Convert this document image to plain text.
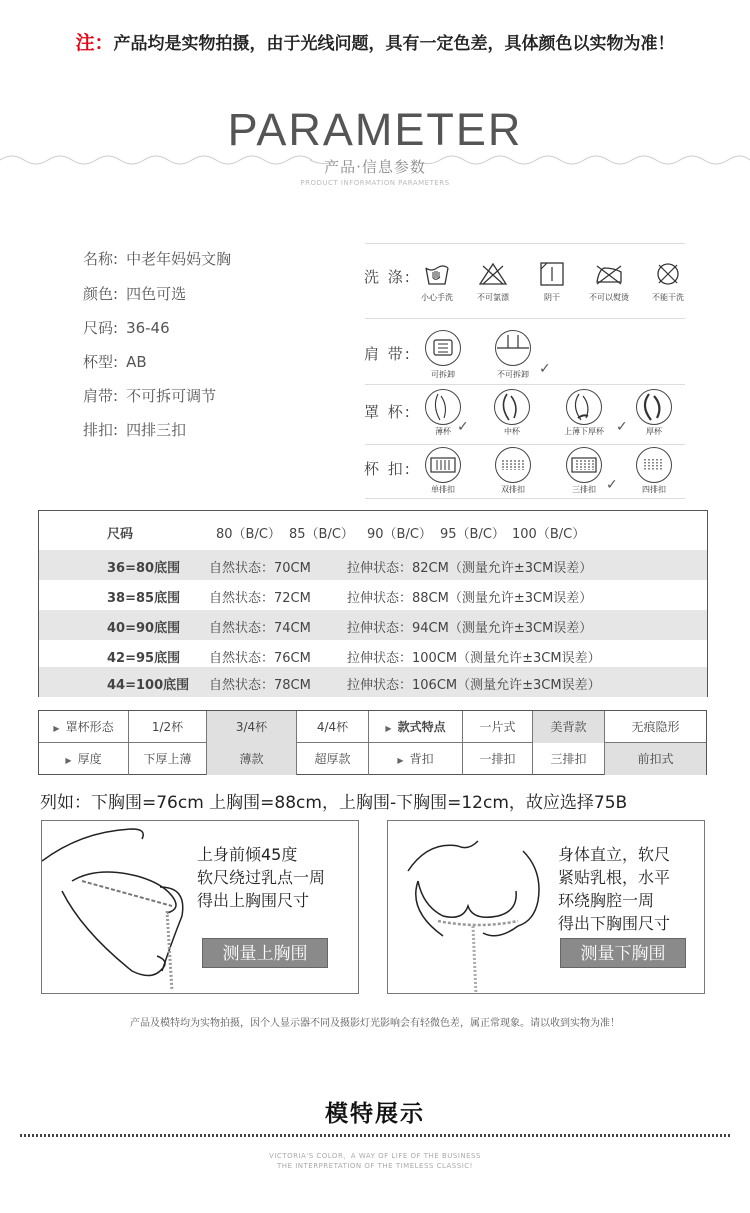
注：产品均是实物拍摄，由于光线问题，具有一定色差，具体颜色以实物为准！
PARAMETER
产品·信息参数
PRODUCT INFORMATION PARAMETERS
名称: 中老年妈妈文胸
颜色: 四色可选
尺码: 36-46
杯型: AB
肩带: 不可拆可调节
排扣: 四排三扣
洗 涤:
小心手洗	不可氯漂	阴干	不可以熨烫	不能干洗
肩 带:
可拆卸	不可拆卸 ✓
罩 杯:
薄杯 ✓	中杯	上薄下厚杯 ✓	厚杯
杯 扣:
单排扣	双排扣	三排扣 ✓	四排扣
尺码	80（B/C） 85（B/C） 90（B/C） 95（B/C） 100（B/C）
36=80底围 自然状态：70CM	拉伸状态：82CM（测量允许±3CM误差）
38=85底围 自然状态：72CM	拉伸状态：88CM（测量允许±3CM误差）
40=90底围 自然状态：74CM	拉伸状态：94CM（测量允许±3CM误差）
42=95底围 自然状态：76CM	拉伸状态：100CM（测量允许±3CM误差）
44=100底围 自然状态：78CM	拉伸状态：106CM（测量允许±3CM误差）
▶ 罩杯形态	1/2杯	3/4杯	4/4杯	▶ 款式特点	一片式	美背款	无痕隐形
▶ 厚度	下厚上薄	薄款	超厚款	▶ 背扣	一排扣	三排扣	前扣式
列如：下胸围=76cm 上胸围=88cm，上胸围-下胸围=12cm，故应选择75B
上身前倾45度
软尺绕过乳点一周
得出上胸围尺寸
测量上胸围
身体直立，软尺
紧贴乳根，水平
环绕胸腔一周
得出下胸围尺寸
测量下胸围
产品及模特均为实物拍摄，因个人显示器不同及摄影灯光影响会有轻微色差，属正常现象。请以收到实物为准！
模特展示
VICTORIA'S COLOR，A WAY OF LIFE OF THE BUSINESS
THE INTERPRETATION OF THE TIMELESS CLASSIC!
